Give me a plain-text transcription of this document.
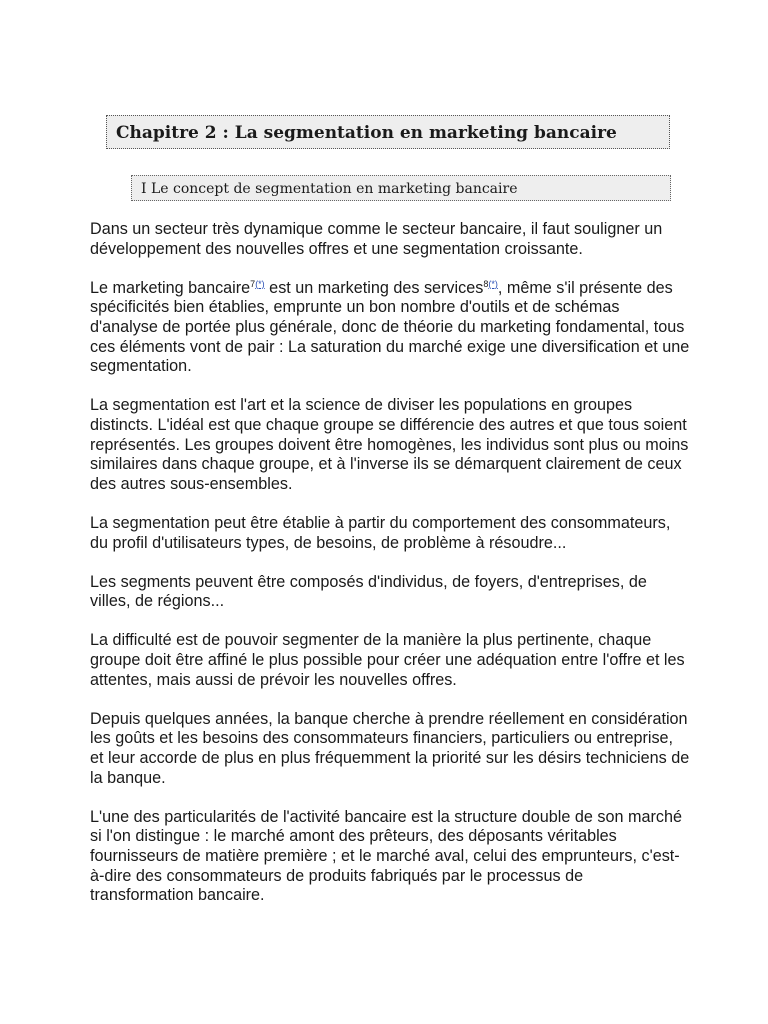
Chapitre 2 : La segmentation en marketing bancaire
I Le concept de segmentation en marketing bancaire

Dans un secteur très dynamique comme le secteur bancaire, il faut souligner un développement des nouvelles offres et une segmentation croissante.

Le marketing bancaire$^{7(*)}$ est un marketing des services$^{8(*)}$, même s'il présente des spécificités bien établies, emprunte un bon nombre d'outils et de schémas d'analyse de portée plus générale, donc de théorie du marketing fondamental, tous ces éléments vont de pair : La saturation du marché exige une diversification et une segmentation.

La segmentation est l'art et la science de diviser les populations en groupes distincts. L'idéal est que chaque groupe se différencie des autres et que tous soient représentés. Les groupes doivent être homogènes, les individus sont plus ou moins similaires dans chaque groupe, et à l'inverse ils se démarquent clairement de ceux des autres sous-ensembles.

La segmentation peut être établie à partir du comportement des consommateurs, du profil d'utilisateurs types, de besoins, de problème à résoudre...

Les segments peuvent être composés d'individus, de foyers, d'entreprises, de villes, de régions...

La difficulté est de pouvoir segmenter de la manière la plus pertinente, chaque groupe doit être affiné le plus possible pour créer une adéquation entre l'offre et les attentes, mais aussi de prévoir les nouvelles offres.

Depuis quelques années, la banque cherche à prendre réellement en considération les goûts et les besoins des consommateurs financiers, particuliers ou entreprise, et leur accorde de plus en plus fréquemment la priorité sur les désirs techniciens de la banque.

L'une des particularités de l'activité bancaire est la structure double de son marché si l'on distingue : le marché amont des prêteurs, des déposants véritables fournisseurs de matière première ; et le marché aval, celui des emprunteurs, c'est-à-dire des consommateurs de produits fabriqués par le processus de transformation bancaire.
